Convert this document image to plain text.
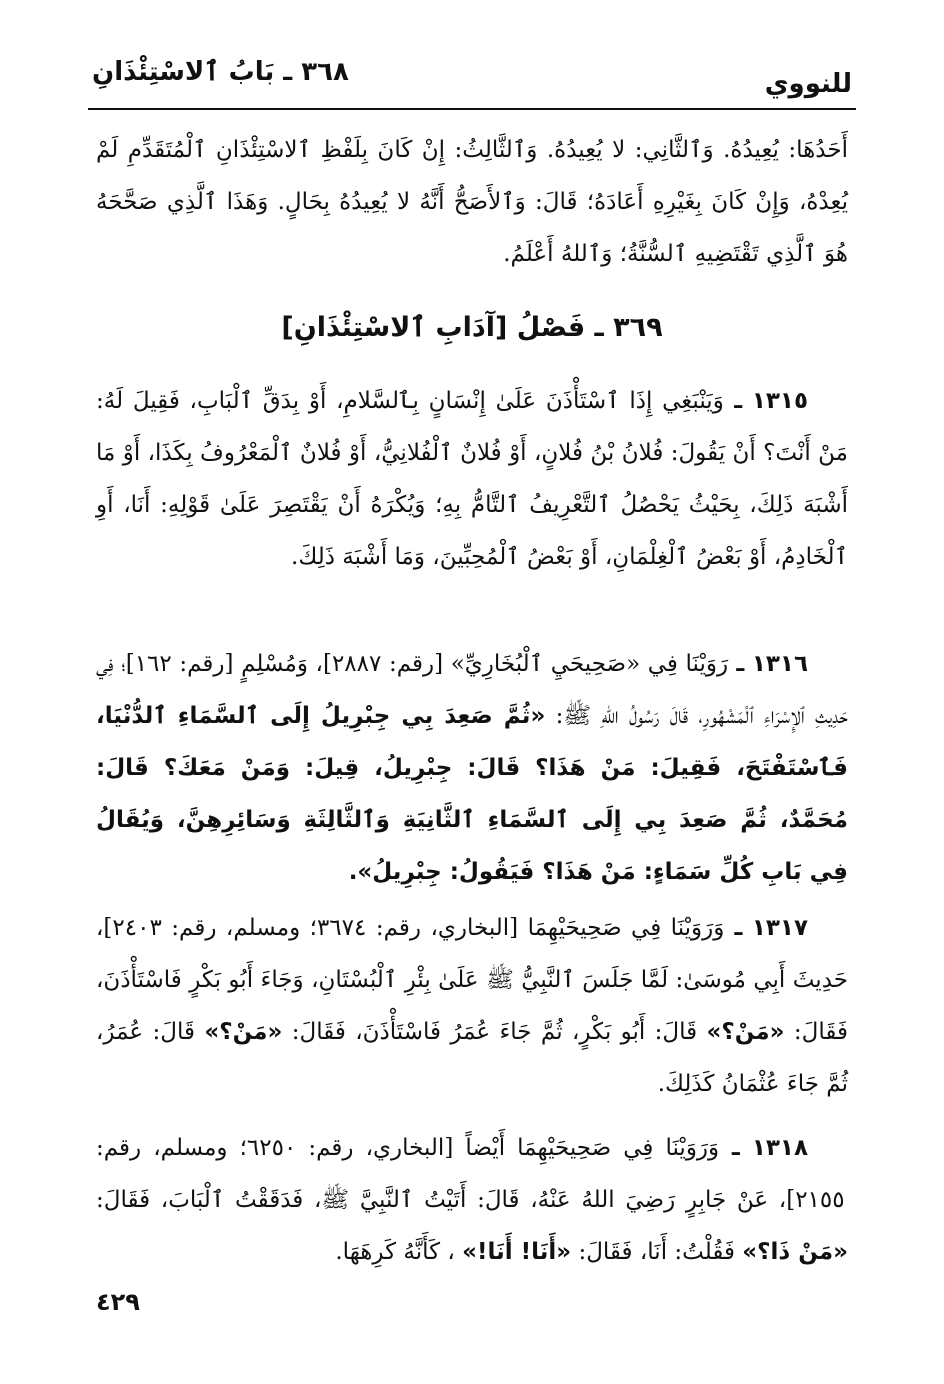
للنووي
٣٦٨ ـ بَابُ ٱلاسْتِئْذَانِ

أَحَدُهَا: يُعِيدُهُ. وَٱلثَّانِي: لا يُعِيدُهُ. وَٱلثَّالِثُ: إِنْ كَانَ بِلَفْظِ ٱلاسْتِئْذَانِ ٱلْمُتَقَدِّمِ لَمْ يُعِدْهُ، وَإِنْ كَانَ بِغَيْرِهِ أَعَادَهُ؛ قَالَ: وَٱلأَصَحُّ أَنَّهُ لا يُعِيدُهُ بِحَالٍ. وَهَذَا ٱلَّذِي صَحَّحَهُ هُوَ ٱلَّذِي تَقْتَضِيهِ ٱلسُّنَّةُ؛ وَٱللهُ أَعْلَمُ.

٣٦٩ ـ فَصْلُ [آدَابِ ٱلاسْتِئْذَانِ]

١٣١٥ ـ وَيَنْبَغِي إِذَا ٱسْتَأْذَنَ عَلَىٰ إِنْسَانٍ بِٱلسَّلامِ، أَوْ بِدَقِّ ٱلْبَابِ، فَقِيلَ لَهُ: مَنْ أَنْتَ؟ أَنْ يَقُولَ: فُلانُ بْنُ فُلانٍ، أَوْ فُلانٌ ٱلْفُلانِيُّ، أَوْ فُلانٌ ٱلْمَعْرُوفُ بِكَذَا، أَوْ مَا أَشْبَهَ ذَلِكَ، بِحَيْثُ يَحْصُلُ ٱلتَّعْرِيفُ ٱلتَّامُّ بِهِ؛ وَيُكْرَهُ أَنْ يَقْتَصِرَ عَلَىٰ قَوْلِهِ: أَنَا، أَوِ ٱلْخَادِمُ، أَوْ بَعْضُ ٱلْغِلْمَانِ، أَوْ بَعْضُ ٱلْمُحِبِّينَ، وَمَا أَشْبَهَ ذَلِكَ.

١٣١٦ ـ رَوَيْنَا فِي «صَحِيحَيِ ٱلْبُخَارِيِّ» [رقم: ٢٨٨٧]، وَمُسْلِمٍ [رقم: ١٦٢]؛ فِي حَدِيثِ ٱلإِسْرَاءِ ٱلْمَشْهُورِ، قَالَ رَسُولُ اللهِ ﷺ: «ثُمَّ صَعِدَ بِي جِبْرِيلُ إِلَى ٱلسَّمَاءِ ٱلدُّنْيَا، فَٱسْتَفْتَحَ، فَقِيلَ: مَنْ هَذَا؟ قَالَ: جِبْرِيلُ، قِيلَ: وَمَنْ مَعَكَ؟ قَالَ: مُحَمَّدٌ، ثُمَّ صَعِدَ بِي إِلَى ٱلسَّمَاءِ ٱلثَّانِيَةِ وَٱلثَّالِثَةِ وَسَائِرِهِنَّ، وَيُقَالُ فِي بَابِ كُلِّ سَمَاءٍ: مَنْ هَذَا؟ فَيَقُولُ: جِبْرِيلُ».

١٣١٧ ـ وَرَوَيْنَا فِي صَحِيحَيْهِمَا [البخاري، رقم: ٣٦٧٤؛ ومسلم، رقم: ٢٤٠٣]، حَدِيثَ أَبِي مُوسَىٰ: لَمَّا جَلَسَ ٱلنَّبِيُّ ﷺ عَلَىٰ بِئْرِ ٱلْبُسْتَانِ، وَجَاءَ أَبُو بَكْرٍ فَاسْتَأْذَنَ، فَقَالَ: «مَنْ؟» قَالَ: أَبُو بَكْرٍ، ثُمَّ جَاءَ عُمَرُ فَاسْتَأْذَنَ، فَقَالَ: «مَنْ؟» قَالَ: عُمَرُ، ثُمَّ جَاءَ عُثْمَانُ كَذَلِكَ.

١٣١٨ ـ وَرَوَيْنَا فِي صَحِيحَيْهِمَا أَيْضاً [البخاري، رقم: ٦٢٥٠؛ ومسلم، رقم: ٢١٥٥]، عَنْ جَابِرٍ رَضِيَ اللهُ عَنْهُ، قَالَ: أَتَيْتُ ٱلنَّبِيَّ ﷺ، فَدَقَقْتُ ٱلْبَابَ، فَقَالَ: «مَنْ ذَا؟» فَقُلْتُ: أَنَا، فَقَالَ: «أَنَا! أَنَا!» ، كَأَنَّهُ كَرِهَهَا.

٤٢٩
